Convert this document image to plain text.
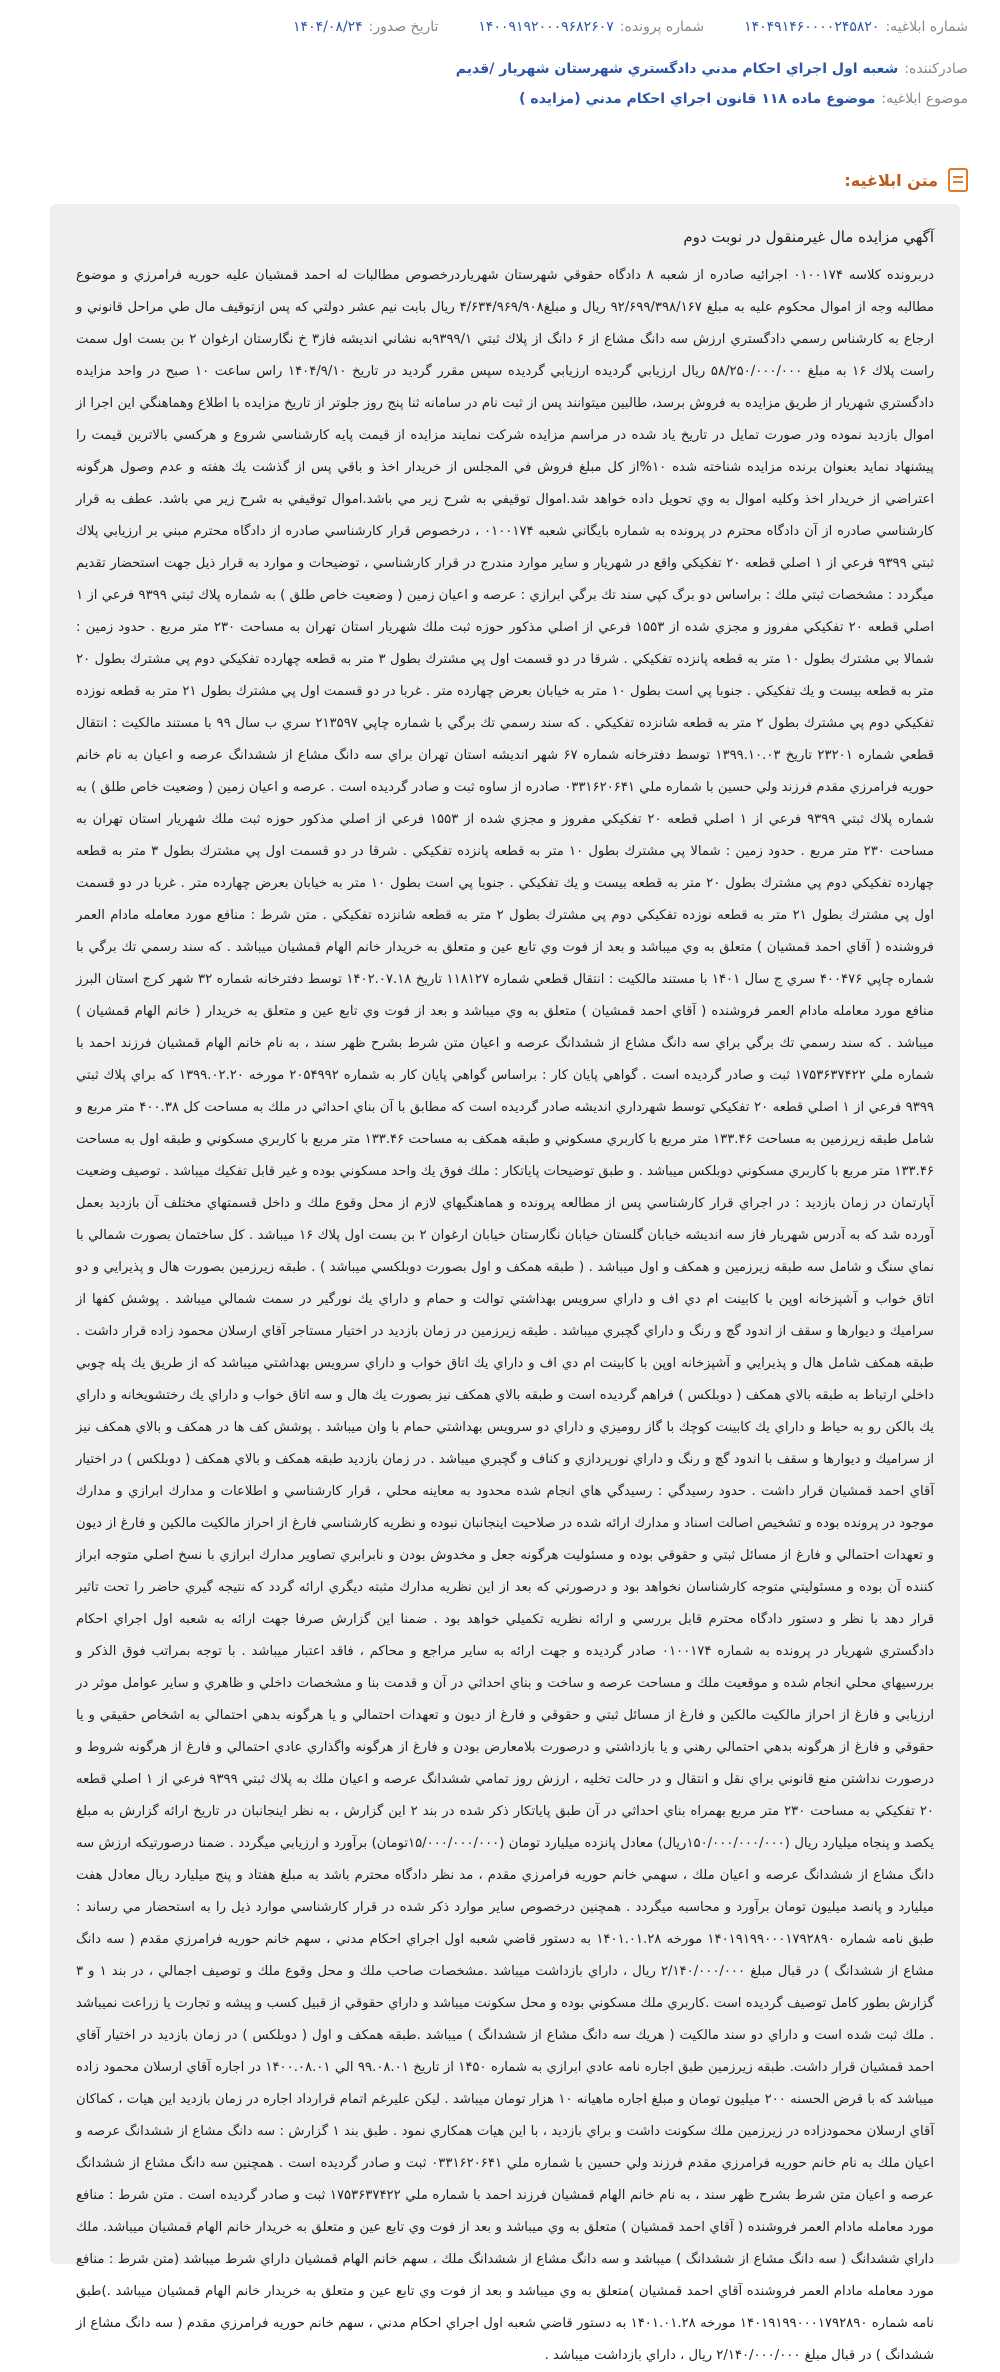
شماره ابلاغیه:
۱۴۰۴۹۱۴۶۰۰۰۰۲۴۵۸۲۰
شماره پرونده:
۱۴۰۰۹۱۹۲۰۰۰۹۶۸۲۶۰۷
تاریخ صدور:
۱۴۰۴/۰۸/۲۴
صادرکننده:
شعبه اول اجراي احكام مدني دادگستري شهرستان شهريار /قديم
موضوع ابلاغیه:
موضوع ماده ۱۱۸ قانون اجراي احكام مدني (مزايده )
متن ابلاغیه:

آگهي مزايده مال غيرمنقول در نوبت دوم

دربرونده كلاسه ۰۱۰۰۱۷۴ اجرائيه صادره از شعبه ۸ دادگاه حقوقي شهرستان شهرياردرخصوص مطالبات له احمد قمشيان عليه حوريه فرامرزي و موضوع مطالبه وجه از اموال محكوم عليه به مبلغ ۹۲/۶۹۹/۳۹۸/۱۶۷ ريال و مبلغ۴/۶۳۴/۹۶۹/۹۰۸ ريال بابت نيم عشر دولتي كه پس ازتوقيف مال طي مراحل قانوني و ارجاع به كارشناس رسمي دادگستري ارزش سه دانگ مشاع از ۶ دانگ از پلاك ثبتي ۹۳۹۹/۱به نشاني انديشه فاز۳ خ نگارستان ارغوان ۲ بن بست اول سمت راست پلاك ۱۶ به مبلغ ۵۸/۲۵۰/۰۰۰/۰۰۰ ريال ارزيابي گرديده ارزيابي گرديده سپس مقرر گرديد در تاريخ ۱۴۰۴/۹/۱۰ راس ساعت ۱۰ صبح در واحد مزايده دادگستري شهريار از طريق مزايده به فروش برسد، طالبين ميتوانند پس از ثبت نام در سامانه ثنا پنج روز جلوتر از تاريخ مزايده با اطلاع وهماهنگي اين اجرا از اموال بازديد نموده ودر صورت تمايل در تاريخ ياد شده در مراسم مزايده شركت نمايند مزايده از قيمت پايه كارشناسي شروع و هركسي بالاترين قيمت را پيشنهاد نمايد بعنوان برنده مزايده شناخته شده ۱۰%از كل مبلغ فروش في المجلس از خريدار اخذ و باقي پس از گذشت يك هفته و عدم وصول هرگونه اعتراضي از خريدار اخذ وكليه اموال به وي تحويل داده خواهد شد.اموال توقيفي به شرح زير مي باشد.اموال توقيفي به شرح زير مي باشد. عطف به قرار كارشناسي صادره از آن دادگاه محترم در پرونده به شماره بايگاني شعبه ۰۱۰۰۱۷۴ ، درخصوص قرار كارشناسي صادره از دادگاه محترم مبني بر ارزيابي پلاك ثبتي ۹۳۹۹ فرعي از ۱ اصلي قطعه ۲۰ تفكيكي واقع در شهريار و ساير موارد مندرج در قرار كارشناسي ، توضيحات و موارد به قرار ذيل جهت استحضار تقديم ميگردد : مشخصات ثبتي ملك : براساس دو برگ كپي سند تك برگي ابرازي : عرصه و اعيان زمين ( وضعيت خاص طلق ) به شماره پلاك ثبتي ۹۳۹۹ فرعي از ۱ اصلي قطعه ۲۰ تفكيكي مفروز و مجزي شده از ۱۵۵۳ فرعي از اصلي مذكور حوزه ثبت ملك شهريار استان تهران به مساحت ۲۳۰ متر مربع . حدود زمين : شمالا بي مشترك بطول ۱۰ متر به قطعه پانزده تفكيكي . شرقا در دو قسمت اول پي مشترك بطول ۳ متر به قطعه چهارده تفكيكي دوم پي مشترك بطول ۲۰ متر به قطعه بيست و يك تفكيكي . جنوبا پي است بطول ۱۰ متر به خيابان بعرض چهارده متر . غربا در دو قسمت اول پي مشترك بطول ۲۱ متر به قطعه نوزده تفكيكي دوم پي مشترك بطول ۲ متر به قطعه شانزده تفكيكي . كه سند رسمي تك برگي با شماره چاپي ۲۱۳۵۹۷ سري ب سال ۹۹ با مستند مالكيت : انتقال قطعي شماره ۲۳۲۰۱ تاريخ ۱۳۹۹.۱۰.۰۳ توسط دفترخانه شماره ۶۷ شهر انديشه استان تهران براي سه دانگ مشاع از ششدانگ عرصه و اعيان به نام خانم حوريه فرامرزي مقدم فرزند ولي حسين با شماره ملي ۰۳۳۱۶۲۰۶۴۱ صادره از ساوه ثبت و صادر گرديده است . عرصه و اعيان زمين ( وضعيت خاص طلق ) به شماره پلاك ثبتي ۹۳۹۹ فرعي از ۱ اصلي قطعه ۲۰ تفكيكي مفروز و مجزي شده از ۱۵۵۳ فرعي از اصلي مذكور حوزه ثبت ملك شهريار استان تهران به مساحت ۲۳۰ متر مربع . حدود زمين : شمالا پي مشترك بطول ۱۰ متر به قطعه پانزده تفكيكي . شرقا در دو قسمت اول پي مشترك بطول ۳ متر به قطعه چهارده تفكيكي دوم پي مشترك بطول ۲۰ متر به قطعه بيست و يك تفكيكي . جنوبا پي است بطول ۱۰ متر به خيابان بعرض چهارده متر . غربا در دو قسمت اول پي مشترك بطول ۲۱ متر به قطعه نوزده تفكيكي دوم پي مشترك بطول ۲ متر به قطعه شانزده تفكيكي . متن شرط : منافع مورد معامله مادام العمر فروشنده ( آقاي احمد قمشيان ) متعلق به وي ميباشد و بعد از فوت وي تابع عين و متعلق به خريدار خانم الهام قمشيان ميباشد . كه سند رسمي تك برگي با شماره چاپي ۴۰۰۴۷۶ سري ج سال ۱۴۰۱ با مستند مالكيت : انتقال قطعي شماره ۱۱۸۱۲۷ تاريخ ۱۴۰۲.۰۷.۱۸ توسط دفترخانه شماره ۳۲ شهر كرج استان البرز منافع مورد معامله مادام العمر فروشنده ( آقاي احمد قمشيان ) متعلق به وي ميباشد و بعد از فوت وي تابع عين و متعلق به خريدار ( خانم الهام قمشيان ) ميباشد . كه سند رسمي تك برگي براي سه دانگ مشاع از ششدانگ عرصه و اعيان متن شرط بشرح ظهر سند ، به نام خانم الهام قمشيان فرزند احمد با شماره ملي ۱۷۵۳۶۳۷۴۲۲ ثبت و صادر گرديده است . گواهي پايان كار : براساس گواهي پايان كار به شماره ۲۰۵۴۹۹۲ مورخه ۱۳۹۹.۰۲.۲۰ كه براي پلاك ثبتي ۹۳۹۹ فرعي از ۱ اصلي قطعه ۲۰ تفكيكي توسط شهرداري انديشه صادر گرديده است كه مطابق با آن بناي احداثي در ملك به مساحت كل ۴۰۰.۳۸ متر مربع و شامل طبقه زيرزمين به مساحت ۱۳۳.۴۶ متر مربع با كاربري مسكوني و طبقه همكف به مساحت ۱۳۳.۴۶ متر مربع با كاربري مسكوني و طبقه اول به مساحت ۱۳۳.۴۶ متر مربع با كاربري مسكوني دوبلكس ميباشد . و طبق توضيحات پاياتكار : ملك فوق يك واحد مسكوني بوده و غير قابل تفكيك ميباشد . توصيف وضعيت آپارتمان در زمان بازديد : در اجراي قرار كارشناسي پس از مطالعه پرونده و هماهنگيهاي لازم از محل وقوع ملك و داخل قسمتهاي مختلف آن بازديد بعمل آورده شد كه به آدرس شهريار فاز سه انديشه خيابان گلستان خيابان نگارستان خيابان ارغوان ۲ بن بست اول پلاك ۱۶ ميباشد . كل ساختمان بصورت شمالي با نماي سنگ و شامل سه طبقه زيرزمين و همكف و اول ميباشد . ( طبقه همكف و اول بصورت دوبلكسي ميباشد ) . طبقه زيرزمين بصورت هال و پذيرايي و دو اتاق خواب و آشپزخانه اوپن با كابينت ام دي اف و داراي سرويس بهداشتي توالت و حمام و داراي يك نورگير در سمت شمالي ميباشد . پوشش كفها از سراميك و ديوارها و سقف از اندود گچ و رنگ و داراي گچبري ميباشد . طبقه زيرزمين در زمان بازديد در اختيار مستاجر آقاي ارسلان محمود زاده قرار داشت . طبقه همكف شامل هال و پذيرايي و آشپزخانه اوپن با كابينت ام دي اف و داراي يك اتاق خواب و داراي سرويس بهداشتي ميباشد كه از طريق يك پله چوبي داخلي ارتباط به طبقه بالاي همكف ( دوبلكس ) فراهم گرديده است و طبقه بالاي همكف نيز بصورت يك هال و سه اتاق خواب و داراي يك رختشويخانه و داراي يك بالكن رو به حياط و داراي يك كابينت كوچك با گاز روميزي و داراي دو سرويس بهداشتي حمام با وان ميباشد . پوشش كف ها در همكف و بالاي همكف نيز از سراميك و ديوارها و سقف با اندود گچ و رنگ و داراي نورپردازي و كناف و گچبري ميباشد . در زمان بازديد طبقه همكف و بالاي همكف ( دوبلكس ) در اختيار آقاي احمد قمشيان قرار داشت . حدود رسيدگي : رسيدگي هاي انجام شده محدود به معاينه محلي ، قرار كارشناسي و اطلاعات و مدارك ابرازي و مدارك موجود در پرونده بوده و تشخيص اصالت اسناد و مدارك ارائه شده در صلاحيت اينجانبان نبوده و نظريه كارشناسي فارغ از احراز مالكيت مالكين و فارغ از ديون و تعهدات احتمالي و فارغ از مسائل ثبتي و حقوقي بوده و مسئوليت هرگونه جعل و مخدوش بودن و نابرابري تصاوير مدارك ابرازي با نسخ اصلي متوجه ابراز كننده آن بوده و مسئوليتي متوجه كارشناسان نخواهد بود و درصورتي كه بعد از اين نظريه مدارك مثبته ديگري ارائه گردد كه نتيجه گيري حاضر را تحت تاثير قرار دهد با نظر و دستور دادگاه محترم قابل بررسي و ارائه نظريه تكميلي خواهد بود . ضمنا اين گزارش صرفا جهت ارائه به شعبه اول اجراي احكام دادگستري شهريار در پرونده به شماره ۰۱۰۰۱۷۴ صادر گرديده و جهت ارائه به ساير مراجع و محاكم ، فاقد اعتبار ميباشد . با توجه بمراتب فوق الذكر و بررسيهاي محلي انجام شده و موقعيت ملك و مساحت عرصه و ساخت و بناي احداثي در آن و قدمت بنا و مشخصات داخلي و ظاهري و ساير عوامل موثر در ارزيابي و فارغ از احراز مالكيت مالكين و فارغ از مسائل ثبتي و حقوقي و فارغ از ديون و تعهدات احتمالي و يا هرگونه بدهي احتمالي به اشخاص حقيقي و يا حقوقي و فارغ از هرگونه بدهي احتمالي رهني و يا بازداشتي و درصورت بلامعارض بودن و فارغ از هرگونه واگذاري عادي احتمالي و فارغ از هرگونه شروط و درصورت نداشتن منع قانوني براي نقل و انتقال و در حالت تخليه ، ارزش روز تمامي ششدانگ عرصه و اعيان ملك به پلاك ثبتي ۹۳۹۹ فرعي از ۱ اصلي قطعه ۲۰ تفكيكي به مساحت ۲۳۰ متر مربع بهمراه بناي احداثي در آن طبق پاياتكار ذكر شده در بند ۲ اين گزارش ، به نظر اينجانبان در تاريخ ارائه گزارش به مبلغ يكصد و پنجاه ميليارد ريال (۱۵۰/۰۰۰/۰۰۰/۰۰۰ريال) معادل پانزده ميليارد تومان (۱۵/۰۰۰/۰۰۰/۰۰۰تومان) برآورد و ارزيابي ميگردد . ضمنا درصورتيكه ارزش سه دانگ مشاع از ششدانگ عرصه و اعيان ملك ، سهمي خانم حوريه فرامرزي مقدم ، مد نظر دادگاه محترم باشد به مبلغ هفتاد و پنج ميليارد ريال معادل هفت ميليارد و پانصد ميليون تومان برآورد و محاسبه ميگردد . همچنين درخصوص ساير موارد ذكر شده در قرار كارشناسي موارد ذيل را به استحضار مي رساند : طبق نامه شماره ۱۴۰۱۹۱۹۹۰۰۰۱۷۹۲۸۹۰ مورخه ۱۴۰۱.۰۱.۲۸ به دستور قاضي شعبه اول اجراي احكام مدني ، سهم خانم حوريه فرامرزي مقدم ( سه دانگ مشاع از ششدانگ ) در قبال مبلغ ۲/۱۴۰/۰۰۰/۰۰۰ ريال ، داراي بازداشت ميباشد .مشخصات صاحب ملك و محل وقوع ملك و توصيف اجمالي ، در بند ۱ و ۳ گزارش بطور كامل توصيف گرديده است .كاربري ملك مسكوني بوده و محل سكونت ميباشد و داراي حقوقي از قبيل كسب و پيشه و تجارت يا زراعت نميباشد . ملك ثبت شده است و داراي دو سند مالكيت ( هريك سه دانگ مشاع از ششدانگ ) ميباشد .طبقه همكف و اول ( دوبلكس ) در زمان بازديد در اختيار آقاي احمد قمشيان قرار داشت. طبقه زيرزمين طبق اجاره نامه عادي ابرازي به شماره ۱۴۵۰ از تاريخ ۹۹.۰۸.۰۱ الي ۱۴۰۰.۰۸.۰۱ در اجاره آقاي ارسلان محمود زاده ميباشد كه با قرض الحسنه ۲۰۰ ميليون تومان و مبلغ اجاره ماهيانه ۱۰ هزار تومان ميباشد . ليكن عليرغم اتمام قرارداد اجاره در زمان بازديد اين هيات ، كماكان آقاي ارسلان محمودزاده در زيرزمين ملك سكونت داشت و براي بازديد ، با اين هيات همكاري نمود . طبق بند ۱ گزارش : سه دانگ مشاع از ششدانگ عرصه و اعيان ملك به نام خانم حوريه فرامرزي مقدم فرزند ولي حسين با شماره ملي ۰۳۳۱۶۲۰۶۴۱ ثبت و صادر گرديده است . همچنين سه دانگ مشاع از ششدانگ عرصه و اعيان متن شرط بشرح ظهر سند ، به نام خانم الهام قمشيان فرزند احمد با شماره ملي ۱۷۵۳۶۳۷۴۲۲ ثبت و صادر گرديده است . متن شرط : منافع مورد معامله مادام العمر فروشنده ( آقاي احمد قمشيان ) متعلق به وي ميباشد و بعد از فوت وي تابع عين و متعلق به خريدار خانم الهام قمشيان ميباشد. ملك داراي ششدانگ ( سه دانگ مشاع از ششدانگ ) ميباشد و سه دانگ مشاع از ششدانگ ملك ، سهم خانم الهام قمشيان داراي شرط ميباشد (متن شرط : منافع مورد معامله مادام العمر فروشنده آقاي احمد قمشيان )متعلق به وي ميباشد و بعد از فوت وي تابع عين و متعلق به خريدار خانم الهام قمشيان ميباشد .)طبق نامه شماره ۱۴۰۱۹۱۹۹۰۰۰۱۷۹۲۸۹۰ مورخه ۱۴۰۱.۰۱.۲۸ به دستور قاضي شعبه اول اجراي احكام مدني ، سهم خانم حوريه فرامرزي مقدم ( سه دانگ مشاع از ششدانگ ) در قبال مبلغ ۲/۱۴۰/۰۰۰/۰۰۰ ريال ، داراي بازداشت ميباشد .
